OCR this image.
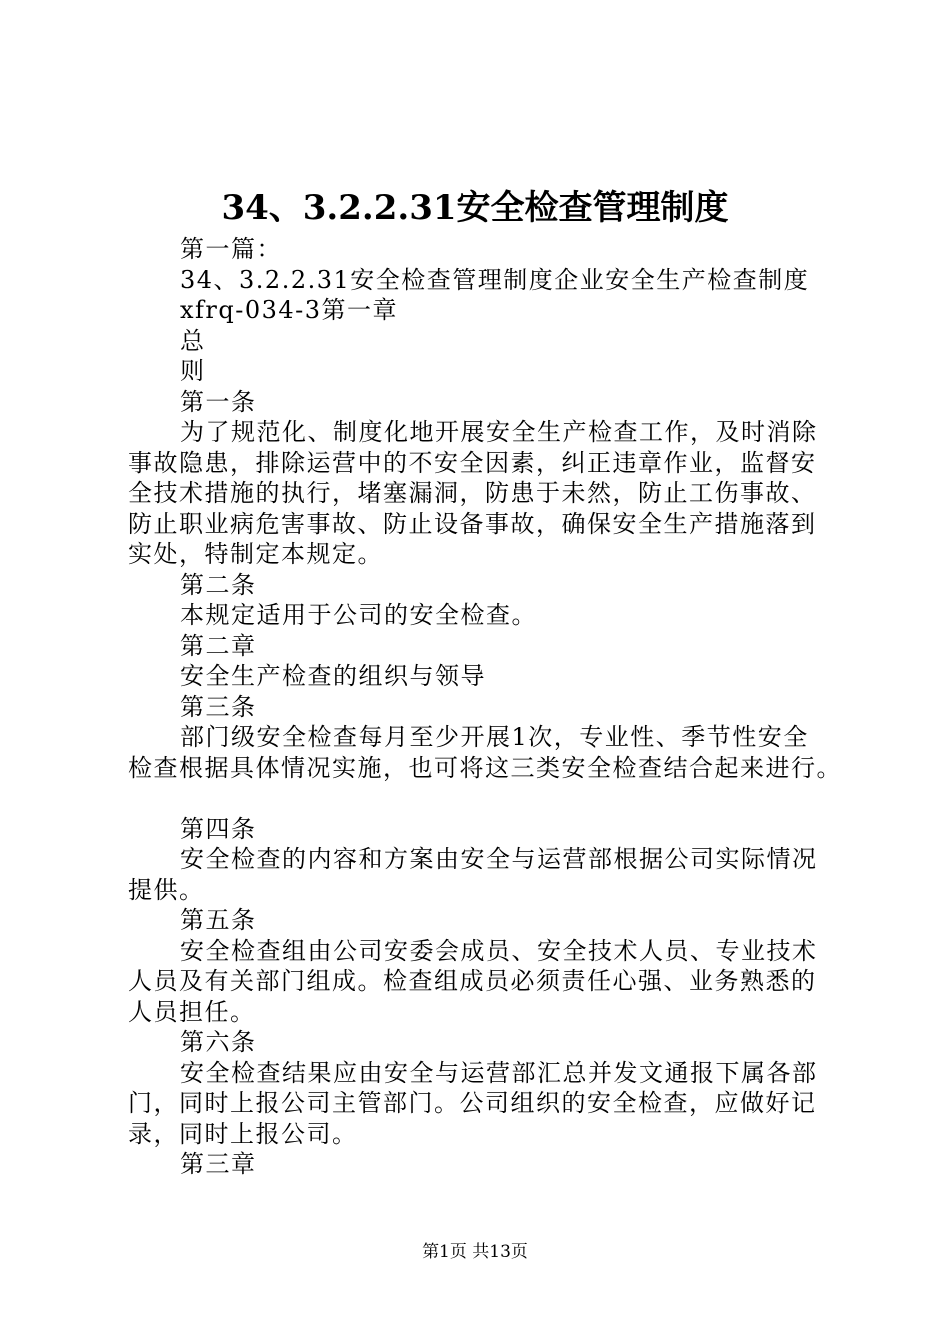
34、3.2.2.31安全检查管理制度
第一篇：
34、3.2.2.31安全检查管理制度企业安全生产检查制度
xfrq-034-3第一章
总
则
第一条
为了规范化、制度化地开展安全生产检查工作，及时消除
事故隐患，排除运营中的不安全因素，纠正违章作业，监督安
全技术措施的执行，堵塞漏洞，防患于未然，防止工伤事故、
防止职业病危害事故、防止设备事故，确保安全生产措施落到
实处，特制定本规定。
第二条
本规定适用于公司的安全检查。
第二章
安全生产检查的组织与领导
第三条
部门级安全检查每月至少开展1次，专业性、季节性安全
检查根据具体情况实施，也可将这三类安全检查结合起来进行。
第四条
安全检查的内容和方案由安全与运营部根据公司实际情况
提供。
第五条
安全检查组由公司安委会成员、安全技术人员、专业技术
人员及有关部门组成。检查组成员必须责任心强、业务熟悉的
人员担任。
第六条
安全检查结果应由安全与运营部汇总并发文通报下属各部
门，同时上报公司主管部门。公司组织的安全检查，应做好记
录，同时上报公司。
第三章
第1页 共13页
